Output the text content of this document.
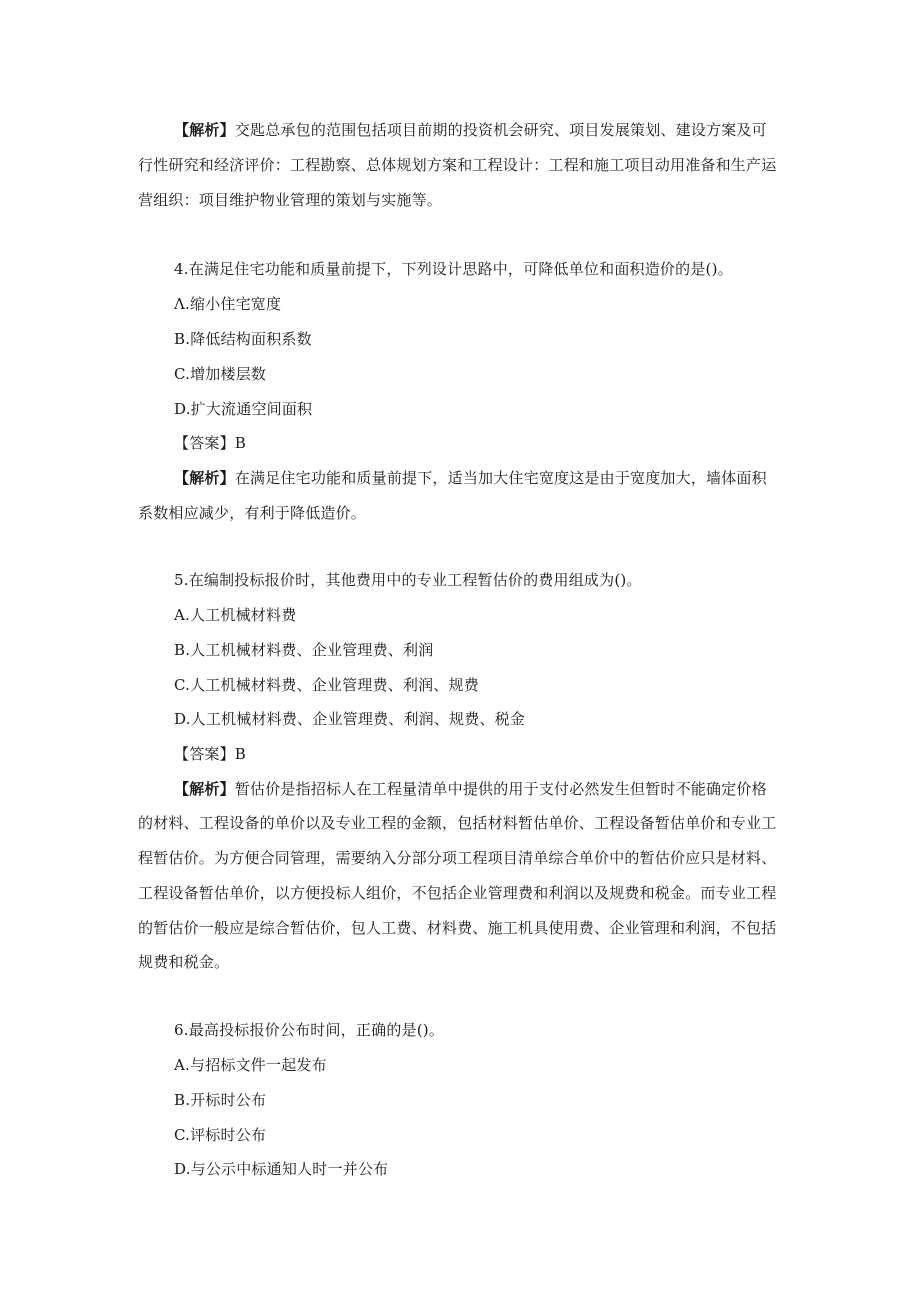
【解析】交匙总承包的范围包括项目前期的投资机会研究、项目发展策划、建设方案及可
行性研究和经济评价：工程勘察、总体规划方案和工程设计：工程和施工项目动用准备和生产运
营组织：项目维护物业管理的策划与实施等。
4.在满足住宅功能和质量前提下，下列设计思路中，可降低单位和面积造价的是()。
Λ.缩小住宅宽度
B.降低结构面积系数
C.增加楼层数
D.扩大流通空间面积
【答案】B
【解析】在满足住宅功能和质量前提下，适当加大住宅宽度这是由于宽度加大，墙体面积
系数相应减少，有利于降低造价。
5.在编制投标报价时，其他费用中的专业工程暂估价的费用组成为()。
A.人工机械材料费
B.人工机械材料费、企业管理费、利润
C.人工机械材料费、企业管理费、利润、规费
D.人工机械材料费、企业管理费、利润、规费、税金
【答案】B
【解析】暂估价是指招标人在工程量清单中提供的用于支付必然发生但暂时不能确定价格
的材料、工程设备的单价以及专业工程的金额，包括材料暂估单价、工程设备暂估单价和专业工
程暂估价。为方便合同管理，需要纳入分部分项工程项目清单综合单价中的暂估价应只是材料、
工程设备暂估单价，以方便投标人组价，不包括企业管理费和利润以及规费和税金。而专业工程
的暂估价一般应是综合暂估价，包人工费、材料费、施工机具使用费、企业管理和利润，不包括
规费和税金。
6.最高投标报价公布时间，正确的是()。
A.与招标文件一起发布
B.开标时公布
C.评标时公布
D.与公示中标通知人时一并公布
